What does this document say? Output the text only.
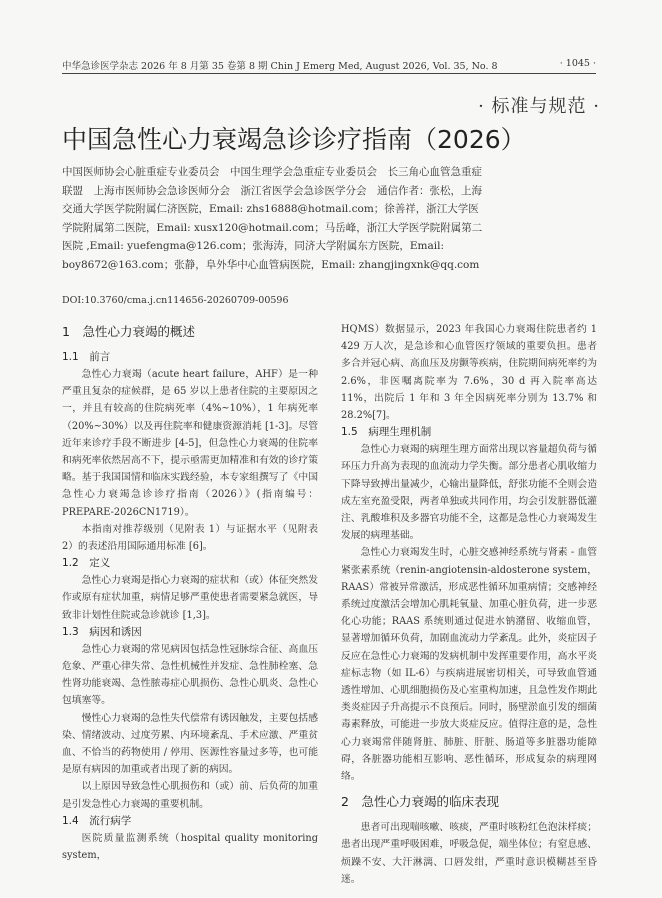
中华急诊医学杂志 2026 年 8 月第 35 卷第 8 期 Chin J Emerg Med, August 2026, Vol. 35, No. 8	· 1045 ·
· 标准与规范 ·
中国急性心力衰竭急诊诊疗指南（2026）
中国医师协会心脏重症专业委员会　中国生理学会急重症专业委员会　长三角心血管急重症联盟　上海市医师协会急诊医师分会　浙江省医学会急诊医学分会　通信作者：张松，上海交通大学医学院附属仁济医院，Email: zhs16888@hotmail.com；徐善祥，浙江大学医学院附属第二医院，Email: xusx120@hotmail.com；马岳峰，浙江大学医学院附属第二医院 ,Email: yuefengma@126.com；张海涛，同济大学附属东方医院，Email: boy8672@163.com；张静，阜外华中心血管病医院，Email: zhangjingxnk@qq.com
DOI:10.3760/cma.j.cn114656-20260709-00596
1　急性心力衰竭的概述
1.1　前言

急性心力衰竭（acute heart failure，AHF）是一种严重且复杂的症候群，是 65 岁以上患者住院的主要原因之一，并且有较高的住院病死率（4%~10%），1 年病死率（20%~30%）以及再住院率和健康资源消耗 [1-3]。尽管近年来诊疗手段不断进步 [4-5]，但急性心力衰竭的住院率和病死率依然居高不下，提示亟需更加精准和有效的诊疗策略。基于我国国情和临床实践经验，本专家组撰写了《中国急性心力衰竭急诊诊疗指南（2026）》(指南编号：PREPARE-2026CN1719）。

本指南对推荐级别（见附表 1）与证据水平（见附表 2）的表述沿用国际通用标准 [6]。

1.2　定义

急性心力衰竭是指心力衰竭的症状和（或）体征突然发作或原有症状加重，病情足够严重使患者需要紧急就医，导致非计划性住院或急诊就诊 [1,3]。

1.3　病因和诱因

急性心力衰竭的常见病因包括急性冠脉综合征、高血压危象、严重心律失常、急性机械性并发症、急性肺栓塞、急性肾功能衰竭、急性脓毒症心肌损伤、急性心肌炎、急性心包填塞等。

慢性心力衰竭的急性失代偿常有诱因触发，主要包括感染、情绪波动、过度劳累、内环境紊乱、手术应激、严重贫血、不恰当的药物使用 / 停用、医源性容量过多等，也可能是原有病因的加重或者出现了新的病因。

以上原因导致急性心肌损伤和（或）前、后负荷的加重是引发急性心力衰竭的重要机制。

1.4　流行病学

医院质量监测系统（hospital quality monitoring system，

HQMS）数据显示，2023 年我国心力衰竭住院患者约 1 429 万人次，是急诊和心血管医疗领域的重要负担。患者多合并冠心病、高血压及房颤等疾病，住院期间病死率约为 2.6%，非医嘱离院率为 7.6%，30 d 再入院率高达 11%，出院后 1 年和 3 年全因病死率分别为 13.7% 和 28.2%[7]。

1.5　病理生理机制

急性心力衰竭的病理生理方面常出现以容量超负荷与循环压力升高为表现的血流动力学失衡。部分患者心肌收缩力下降导致搏出量减少，心输出量降低，舒张功能不全则会造成左室充盈受限，两者单独或共同作用，均会引发脏器低灌注、乳酸堆积及多器官功能不全，这都是急性心力衰竭发生发展的病理基础。

急性心力衰竭发生时，心脏交感神经系统与肾素 - 血管紧张素系统（renin-angiotensin-aldosterone system，RAAS）常被异常激活，形成恶性循环加重病情；交感神经系统过度激活会增加心肌耗氧量、加重心脏负荷，进一步恶化心功能；RAAS 系统则通过促进水钠潴留、收缩血管，显著增加循环负荷，加剧血流动力学紊乱。此外，炎症因子反应在急性心力衰竭的发病机制中发挥重要作用，高水平炎症标志物（如 IL-6）与疾病进展密切相关，可导致血管通透性增加、心肌细胞损伤及心室重构加速，且急性发作期此类炎症因子升高提示不良预后。同时，肠壁淤血引发的细菌毒素释放，可能进一步放大炎症反应。值得注意的是，急性心力衰竭常伴随肾脏、肺脏、肝脏、肠道等多脏器功能障碍，各脏器功能相互影响、恶性循环，形成复杂的病理网络。

2　急性心力衰竭的临床表现

患者可出现喘咳嗽、咳痰，严重时咳粉红色泡沫样痰；患者出现严重呼吸困难，呼吸急促，端坐体位；有窒息感、烦躁不安、大汗淋漓、口唇发绀，严重时意识模糊甚至昏迷。
